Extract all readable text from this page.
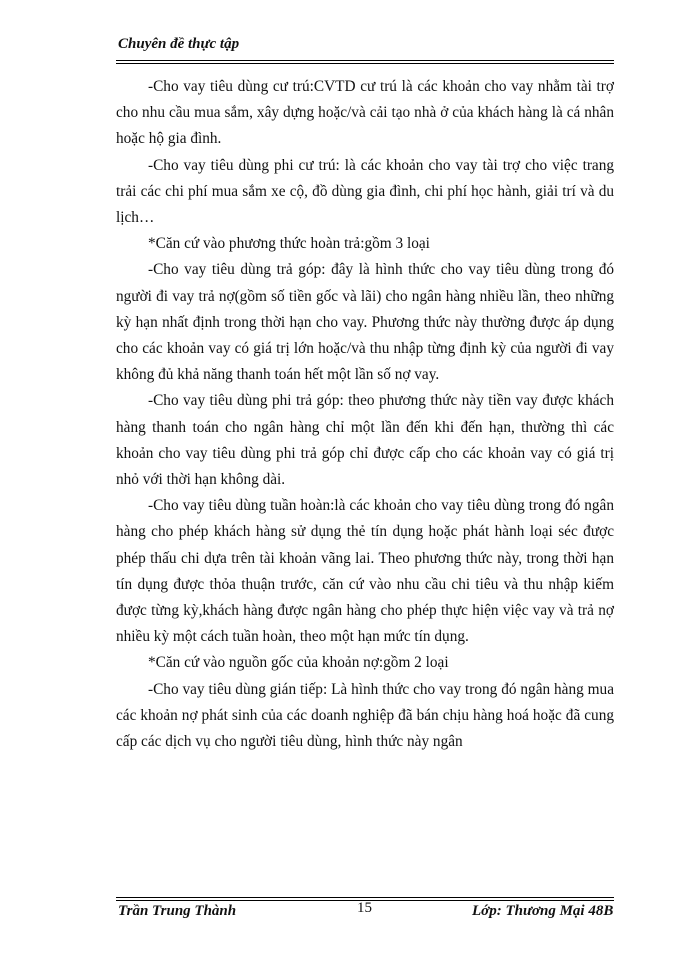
Chuyên đề thực tập

-Cho vay tiêu dùng cư trú:CVTD cư trú là các khoản cho vay nhằm tài trợ cho nhu cầu mua sắm, xây dựng hoặc/và cải tạo nhà ở của khách hàng là cá nhân hoặc hộ gia đình.

-Cho vay tiêu dùng phi cư trú: là các khoản cho vay tài trợ cho việc trang trải các chi phí mua sắm xe cộ, đồ dùng gia đình, chi phí học hành, giải trí và du lịch…

*Căn cứ vào phương thức hoàn trả:gồm 3 loại

-Cho vay tiêu dùng trả góp: đây là hình thức cho vay tiêu dùng trong đó người đi vay trả nợ(gồm số tiền gốc và lãi) cho ngân hàng nhiều lần, theo những kỳ hạn nhất định trong thời hạn cho vay. Phương thức này thường được áp dụng cho các khoản vay có giá trị lớn hoặc/và thu nhập từng định kỳ của người đi vay không đủ khả năng thanh toán hết một lần số nợ vay.

-Cho vay tiêu dùng phi trả góp: theo phương thức này tiền vay được khách hàng thanh toán cho ngân hàng chỉ một lần đến khi đến hạn, thường thì các khoản cho vay tiêu dùng phi trả góp chỉ được cấp cho các khoản vay có giá trị nhỏ với thời hạn không dài.

-Cho vay tiêu dùng tuần hoàn:là các khoản cho vay tiêu dùng trong đó ngân hàng cho phép khách hàng sử dụng thẻ tín dụng hoặc phát hành loại séc được phép thấu chi dựa trên tài khoản vãng lai. Theo phương thức này, trong thời hạn tín dụng được thỏa thuận trước, căn cứ vào nhu cầu chi tiêu và thu nhập kiếm được từng kỳ,khách hàng được ngân hàng cho phép thực hiện việc vay và trả nợ nhiều kỳ một cách tuần hoàn, theo một hạn mức tín dụng.

*Căn cứ vào nguồn gốc của khoản nợ:gồm 2 loại

-Cho vay tiêu dùng gián tiếp: Là hình thức cho vay trong đó ngân hàng mua các khoản nợ phát sinh của các doanh nghiệp đã bán chịu hàng hoá hoặc đã cung cấp các dịch vụ cho người tiêu dùng, hình thức này ngân

Trần Trung Thành	15	Lớp: Thương Mại 48B
